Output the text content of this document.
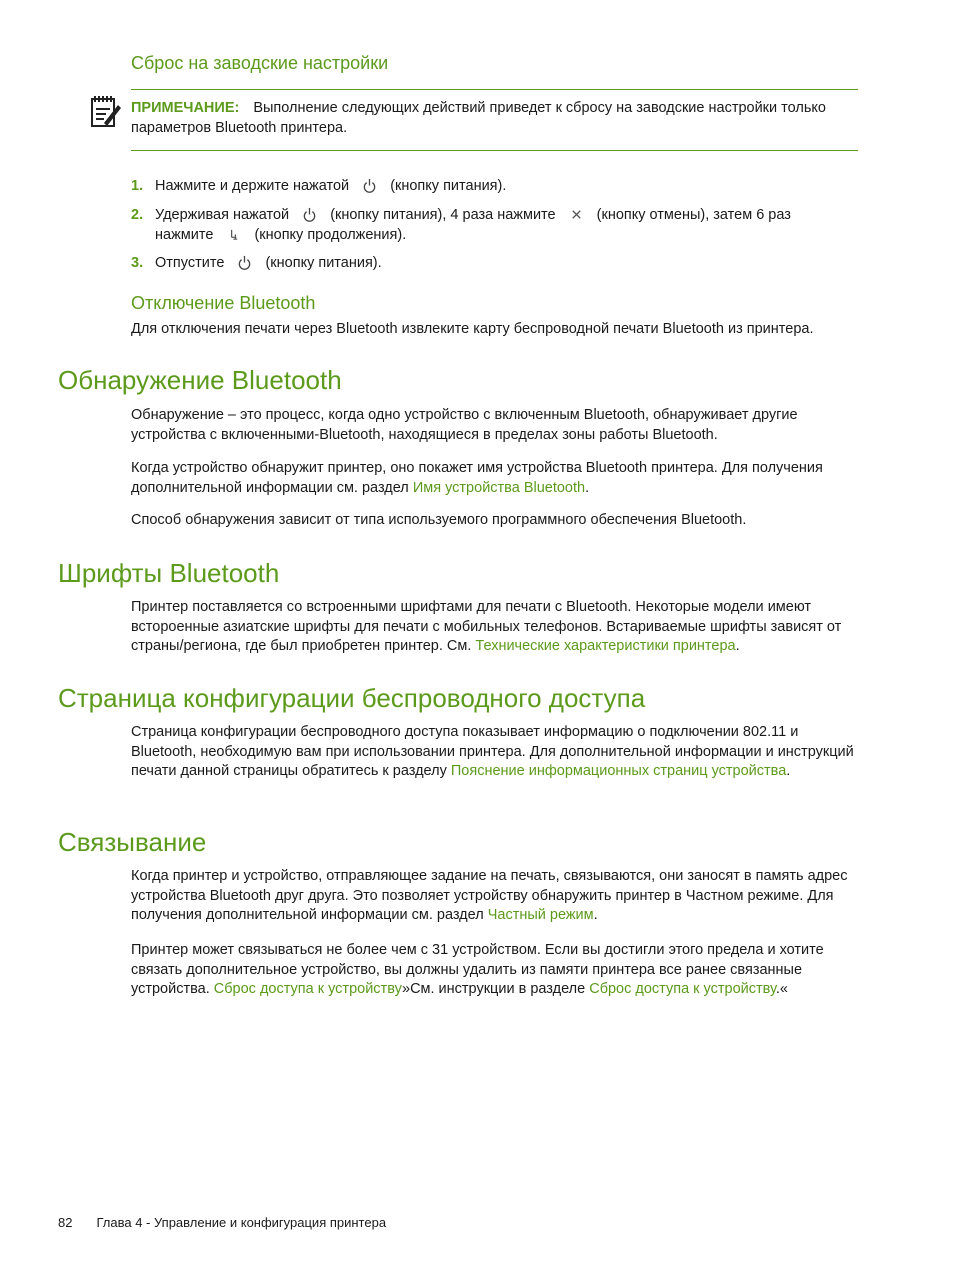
Сброс на заводские настройки
ПРИМЕЧАНИЕ: Выполнение следующих действий приведет к сбросу на заводские настройки только параметров Bluetooth принтера.
1. Нажмите и держите нажатой	(кнопку питания).
2. Удерживая нажатой	(кнопку питания), 4 раза нажмите	(кнопку отмены), затем 6 раз нажмите	(кнопку продолжения).
3. Отпустите	(кнопку питания).
Отключение Bluetooth

Для отключения печати через Bluetooth извлеките карту беспроводной печати Bluetooth из принтера.

Обнаружение Bluetooth

Обнаружение – это процесс, когда одно устройство с включенным Bluetooth, обнаруживает другие устройства с включенными-Bluetooth, находящиеся в пределах зоны работы Bluetooth.

Когда устройство обнаружит принтер, оно покажет имя устройства Bluetooth принтера. Для получения дополнительной информации см. раздел Имя устройства Bluetooth.

Способ обнаружения зависит от типа используемого программного обеспечения Bluetooth.

Шрифты Bluetooth

Принтер поставляется со встроенными шрифтами для печати с Bluetooth. Некоторые модели имеют всторoенные азиатские шрифты для печати с мобильных телефонов. Встариваемые шрифты зависят от страны/региона, где был приобретен принтер. См. Технические характеристики принтера.

Страница конфигурации беспроводного доступа

Страница конфигурации беспроводного доступа показывает информацию о подключении 802.11 и Bluetooth, необходимую вам при использовании принтера. Для дополнительной информации и инструкций печати данной страницы обратитесь к разделу Пояснение информационных страниц устройства.

Связывание

Когда принтер и устройство, отправляющее задание на печать, связываются, они заносят в память адрес устройства Bluetooth друг друга. Это позволяет устройству обнаружить принтер в Частном режиме. Для получения дополнительной информации см. раздел Частный режим.

Принтер может связываться не более чем с 31 устройством. Если вы достигли этого предела и хотите связать дополнительное устройство, вы должны удалить из памяти принтера все ранее связанные устройства. Сброс доступа к устройству»См. инструкции в разделе Сброс доступа к устройству.«

82 Глава 4 - Управление и конфигурация принтера
